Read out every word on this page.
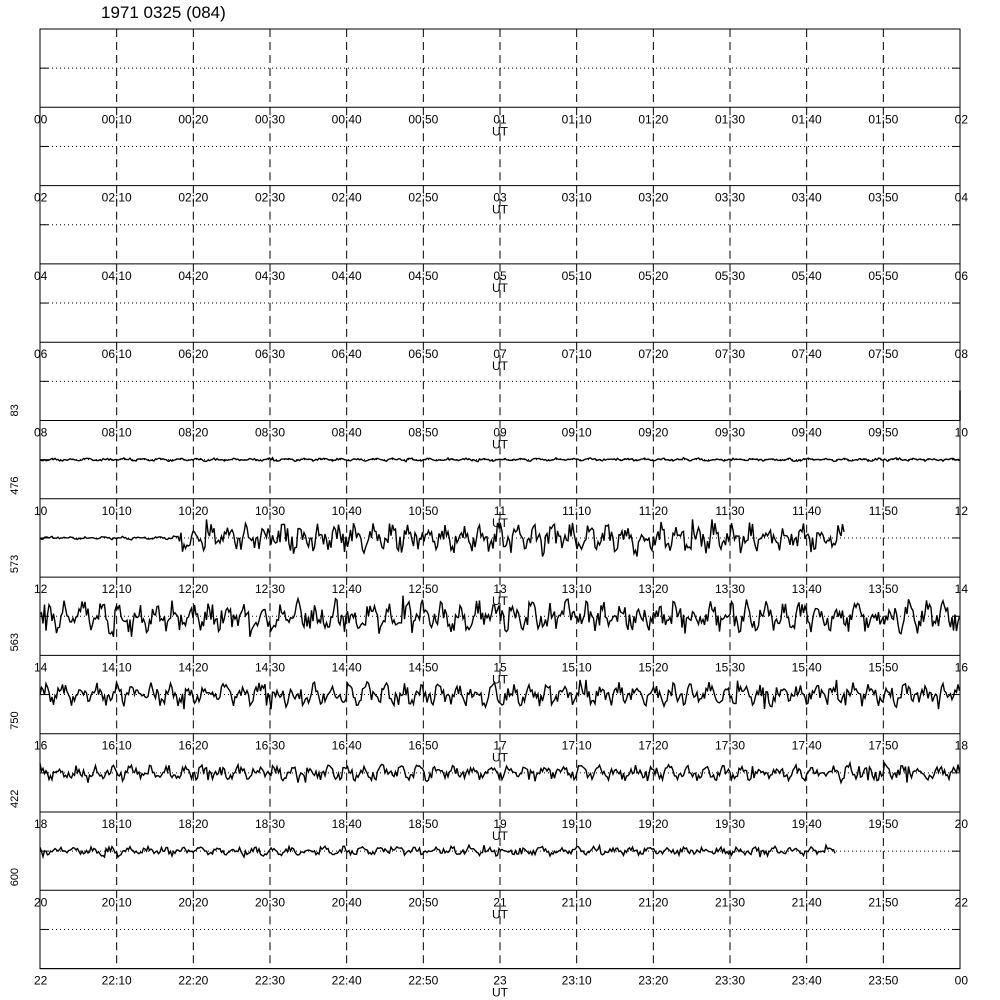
1971 0325 (084)
00	00:10	00:20	00:30	00:40	00:50	01	01:10	01:20	01:30	01:40	01:50	02
UT
02	02:10	02:20	02:30	02:40	02:50	03	03:10	03:20	03:30	03:40	03:50	04
UT
04	04:10	04:20	04:30	04:40	04:50	05	05:10	05:20	05:30	05:40	05:50	06
UT
06	06:10	06:20	06:30	06:40	06:50	07	07:10	07:20	07:30	07:40	07:50	08
UT
08	08:10	08:20	08:30	08:40	08:50	09	09:10	09:20	09:30	09:40	09:50	10
UT
83
10	10:10	10:20	10:30	10:40	10:50	11	11:10	11:20	11:30	11:40	11:50	12
UT
476
12	12:10	12:20	12:30	12:40	12:50	13	13:10	13:20	13:30	13:40	13:50	14
UT
573
14	14:10	14:20	14:30	14:40	14:50	15	15:10	15:20	15:30	15:40	15:50	16
UT
563
16	16:10	16:20	16:30	16:40	16:50	17	17:10	17:20	17:30	17:40	17:50	18
UT
750
18	18:10	18:20	18:30	18:40	18:50	19	19:10	19:20	19:30	19:40	19:50	20
UT
422
20	20:10	20:20	20:30	20:40	20:50	21	21:10	21:20	21:30	21:40	21:50	22
UT
600
22	22:10	22:20	22:30	22:40	22:50	23	23:10	23:20	23:30	23:40	23:50	00
UT
